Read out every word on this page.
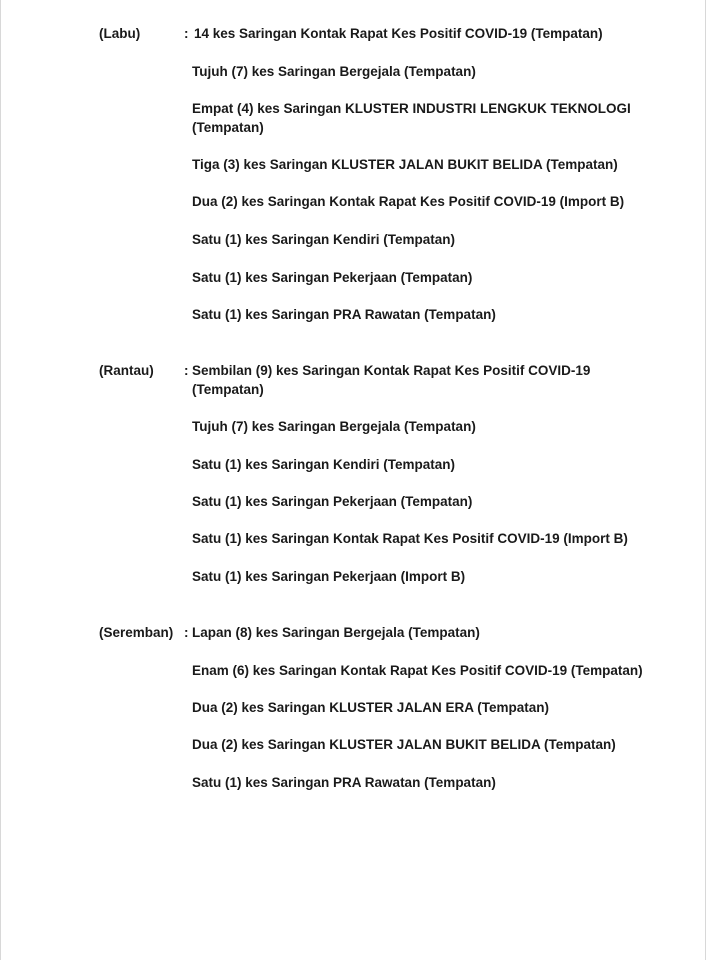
(Labu)	: 14 kes Saringan Kontak Rapat Kes Positif COVID-19 (Tempatan)
Tujuh (7) kes Saringan Bergejala (Tempatan)
Empat (4) kes Saringan KLUSTER INDUSTRI LENGKUK TEKNOLOGI (Tempatan)
Tiga (3) kes Saringan KLUSTER JALAN BUKIT BELIDA (Tempatan)
Dua (2) kes Saringan Kontak Rapat Kes Positif COVID-19 (Import B)
Satu (1) kes Saringan Kendiri (Tempatan)
Satu (1) kes Saringan Pekerjaan (Tempatan)
Satu (1) kes Saringan PRA Rawatan (Tempatan)
(Rantau) : Sembilan (9) kes Saringan Kontak Rapat Kes Positif COVID-19 (Tempatan)
Tujuh (7) kes Saringan Bergejala (Tempatan)
Satu (1) kes Saringan Kendiri (Tempatan)
Satu (1) kes Saringan Pekerjaan (Tempatan)
Satu (1) kes Saringan Kontak Rapat Kes Positif COVID-19 (Import B)
Satu (1) kes Saringan Pekerjaan (Import B)
(Seremban) : Lapan (8) kes Saringan Bergejala (Tempatan)
Enam (6) kes Saringan Kontak Rapat Kes Positif COVID-19 (Tempatan)
Dua (2) kes Saringan KLUSTER JALAN ERA (Tempatan)
Dua (2) kes Saringan KLUSTER JALAN BUKIT BELIDA (Tempatan)
Satu (1) kes Saringan PRA Rawatan (Tempatan)
